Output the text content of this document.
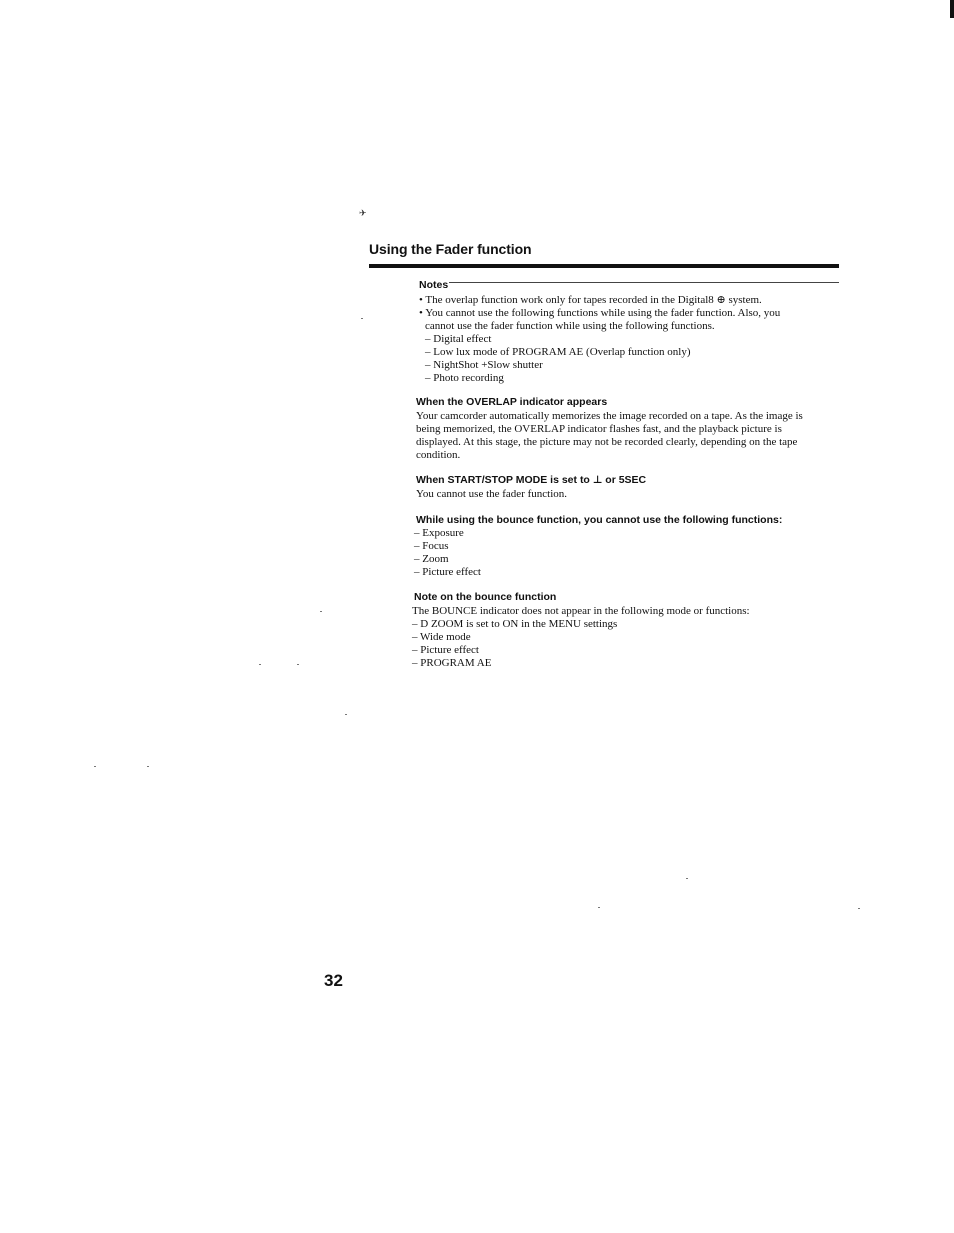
✈
Using the Fader function
Notes
• The overlap function work only for tapes recorded in the Digital8 ⊕ system.
• You cannot use the following functions while using the fader function. Also, you
cannot use the fader function while using the following functions.
– Digital effect
– Low lux mode of PROGRAM AE (Overlap function only)
– NightShot +Slow shutter
– Photo recording
When the OVERLAP indicator appears
Your camcorder automatically memorizes the image recorded on a tape. As the image is
being memorized, the OVERLAP indicator flashes fast, and the playback picture is
displayed. At this stage, the picture may not be recorded clearly, depending on the tape
condition.
When START/STOP MODE is set to ⊥ or 5SEC
You cannot use the fader function.
While using the bounce function, you cannot use the following functions:
– Exposure
– Focus
– Zoom
– Picture effect
Note on the bounce function
The BOUNCE indicator does not appear in the following mode or functions:
– D ZOOM is set to ON in the MENU settings
– Wide mode
– Picture effect
– PROGRAM AE
32
